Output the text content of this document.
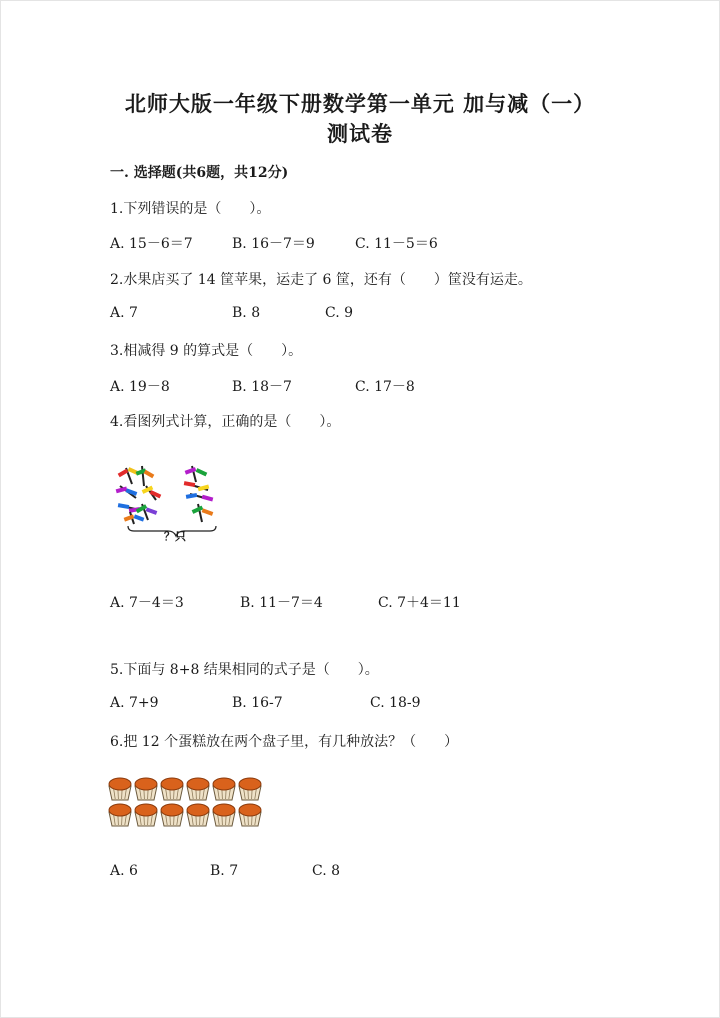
北师大版一年级下册数学第一单元 加与减（一）
测试卷
一. 选择题(共6题，共12分)
1.下列错误的是（　　）。
A. 15－6＝7	B. 16－7＝9	C. 11－5＝6
2.水果店买了 14 筐苹果，运走了 6 筐，还有（　　）筐没有运走。
A. 7	B. 8	C. 9
3.相减得 9 的算式是（　　）。
A. 19－8	B. 18－7	C. 17－8
4.看图列式计算，正确的是（　　）。
？只
A. 7－4＝3	B. 11－7＝4	C. 7＋4＝11
5.下面与 8+8 结果相同的式子是（　　）。
A. 7+9	B. 16-7	C. 18-9
6.把 12 个蛋糕放在两个盘子里，有几种放法？（　　）
A. 6	B. 7	C. 8
